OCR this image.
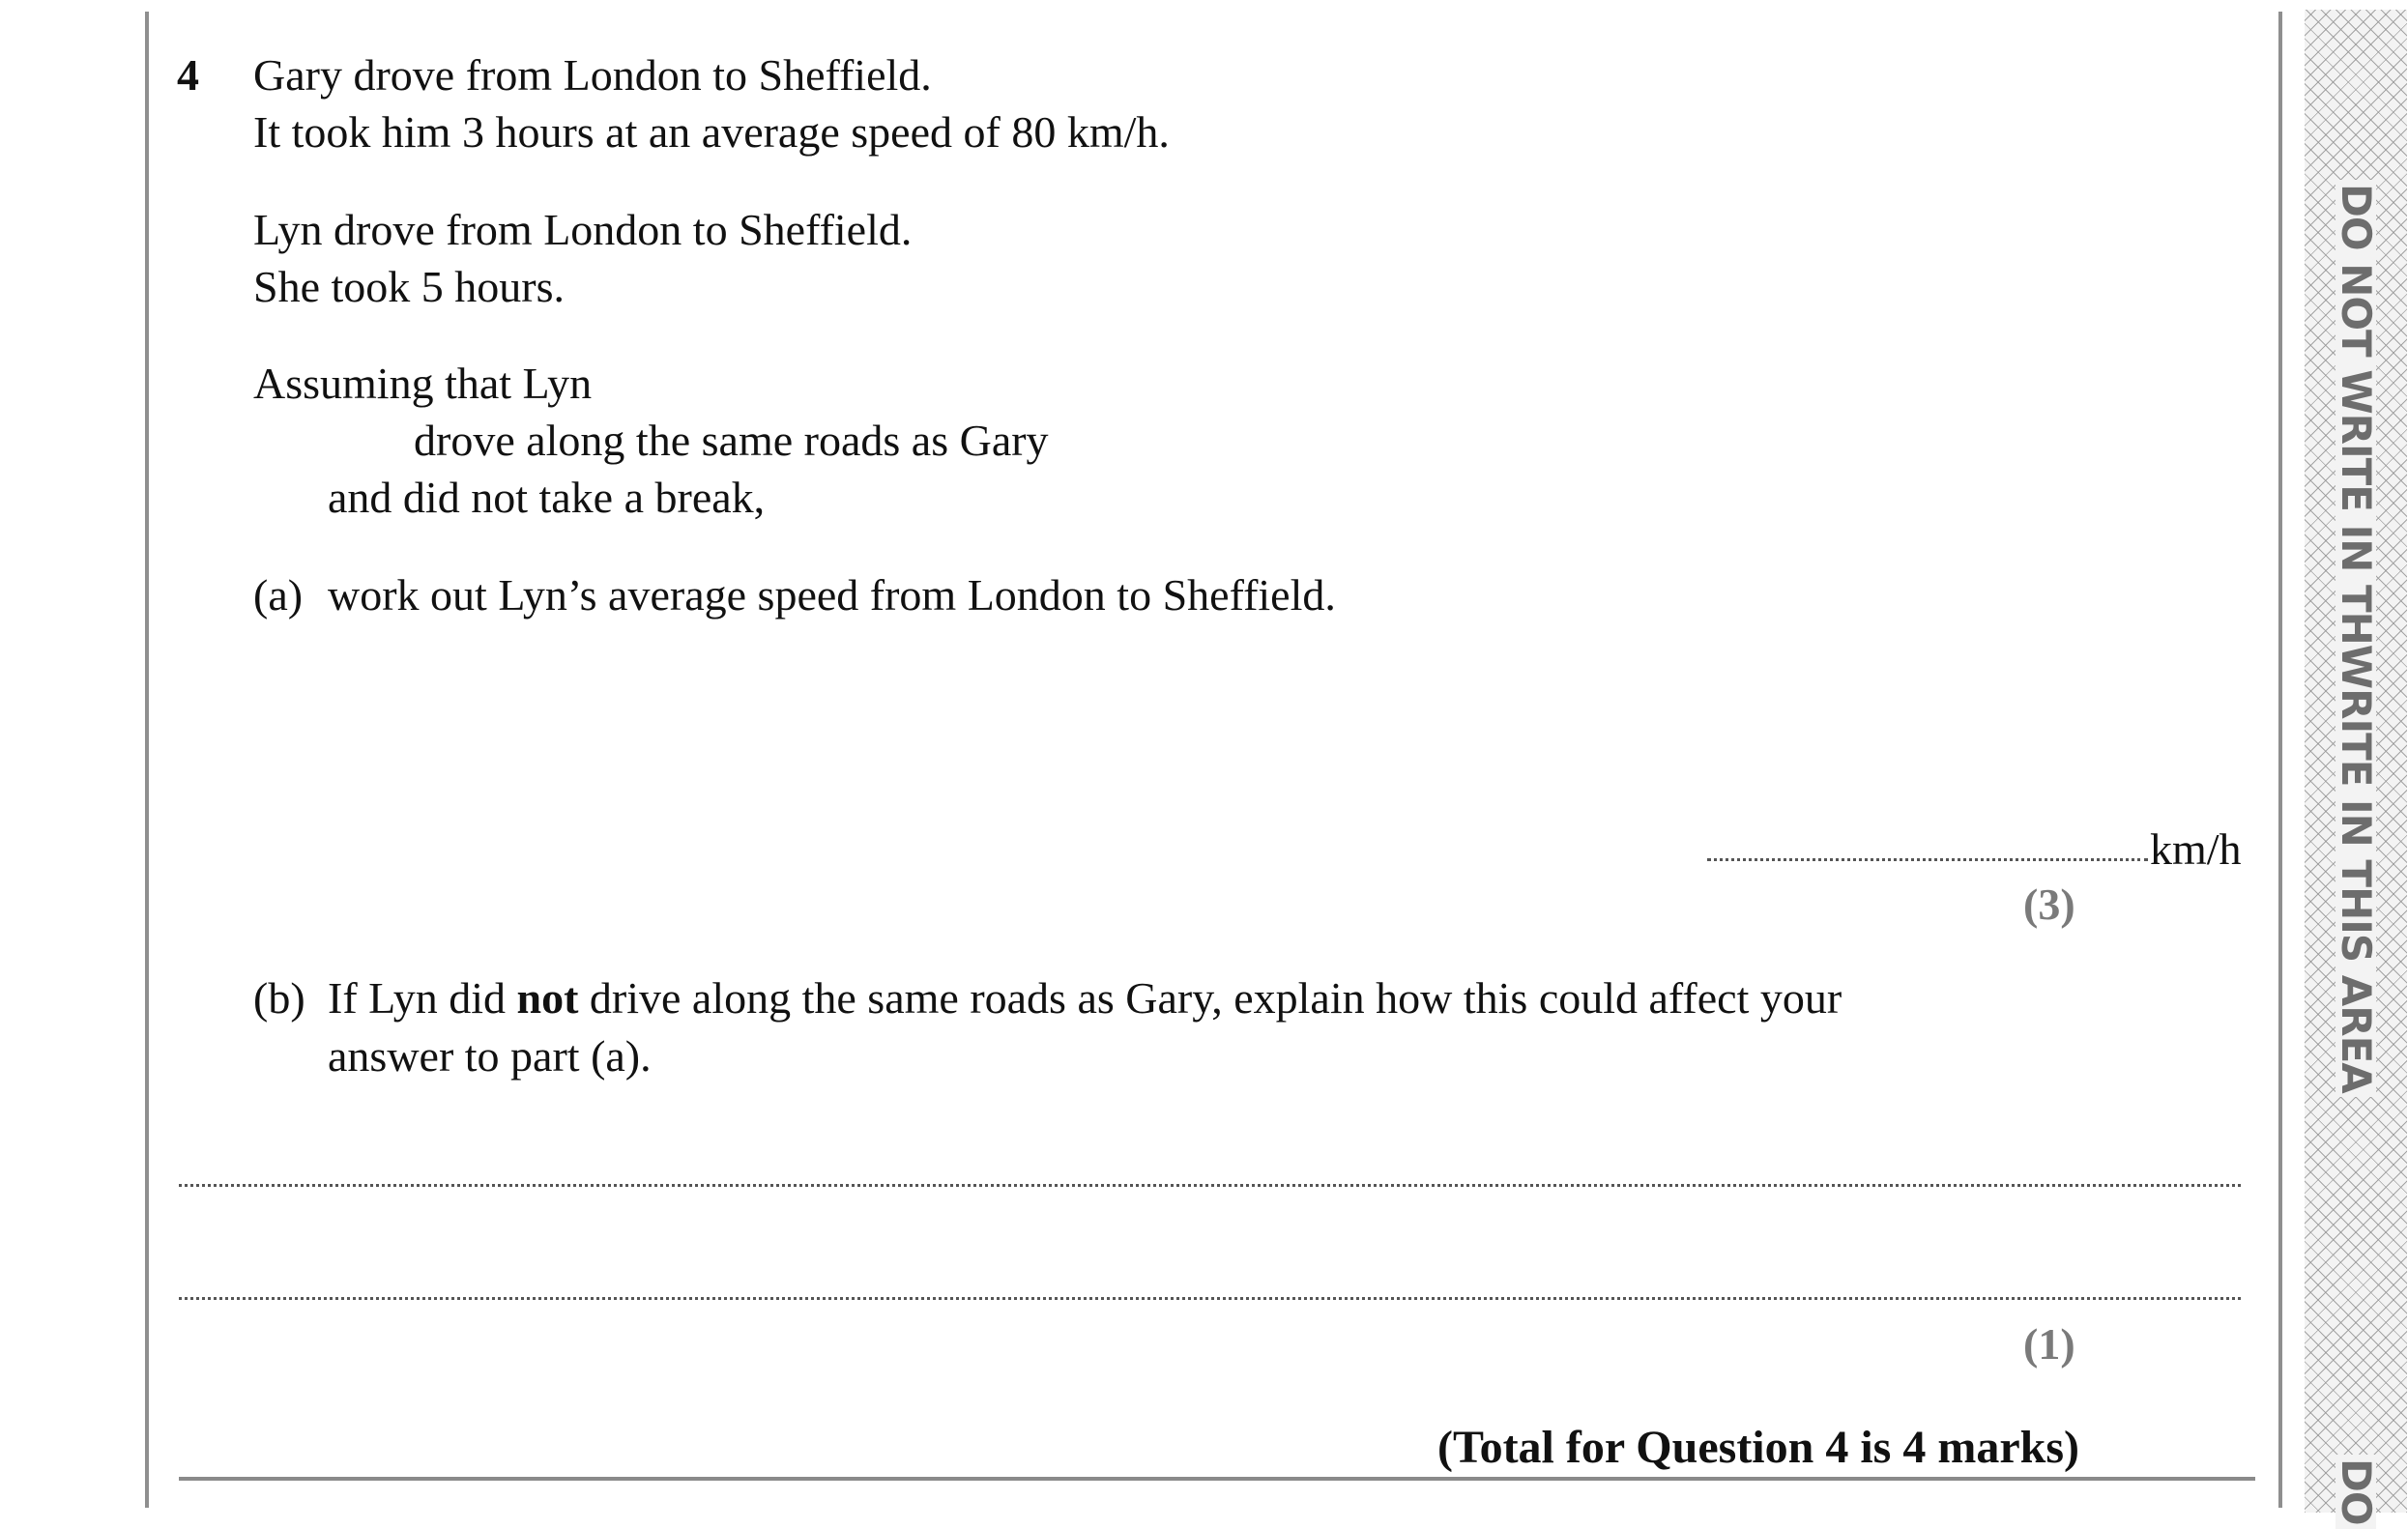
DO NOT WRITE IN THWRITE IN THIS AREA
DO
4 Gary drove from London to Sheffield.
It took him 3 hours at an average speed of 80 km/h.
Lyn drove from London to Sheffield.
She took 5 hours.
Assuming that Lyn
drove along the same roads as Gary
and did not take a break,
(a) work out Lyn’s average speed from London to Sheffield.
km/h
(3)
(b) If Lyn did not drive along the same roads as Gary, explain how this could affect your
answer to part (a).
(1)
(Total for Question 4 is 4 marks)
